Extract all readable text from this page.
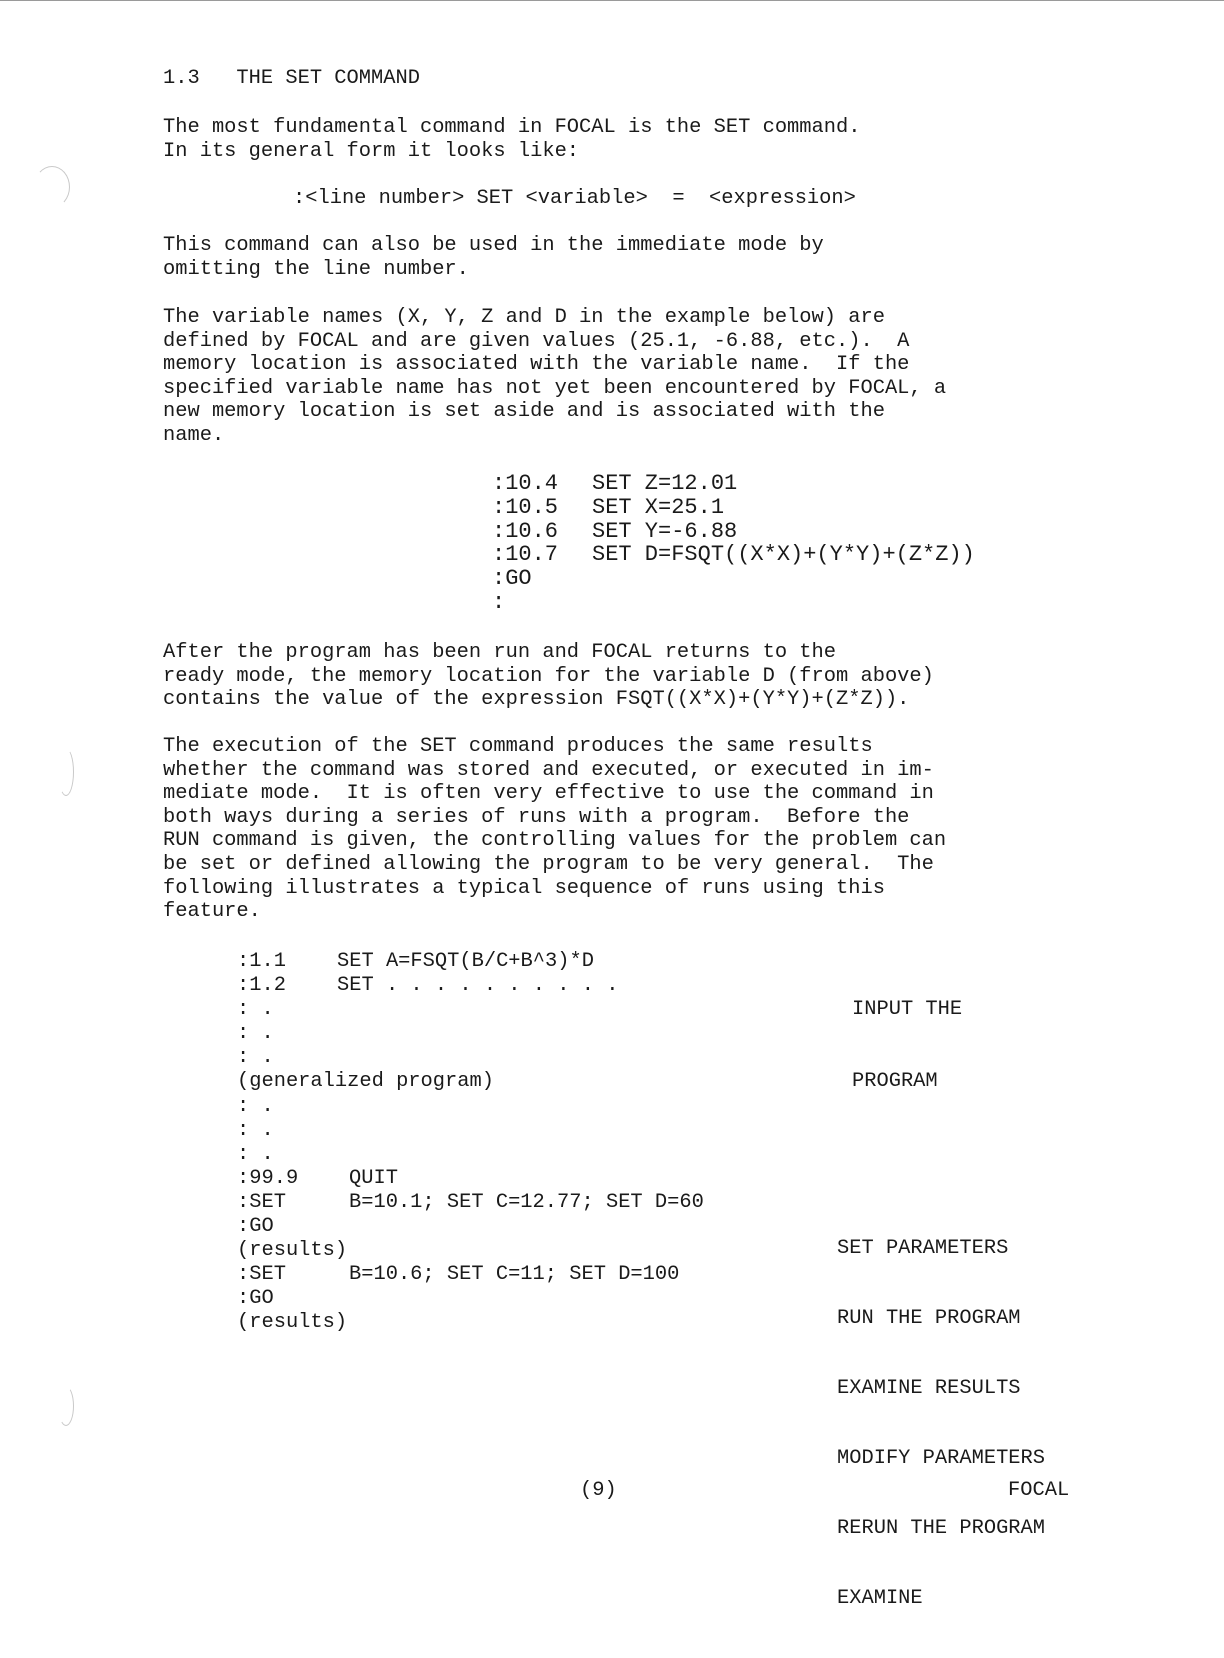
1.3   THE SET COMMAND

The most fundamental command in FOCAL is the SET command.
In its general form it looks like:

:<line number> SET <variable>  =  <expression>

This command can also be used in the immediate mode by
omitting the line number.

The variable names (X, Y, Z and D in the example below) are
defined by FOCAL and are given values (25.1, -6.88, etc.).  A
memory location is associated with the variable name.  If the
specified variable name has not yet been encountered by FOCAL, a
new memory location is set aside and is associated with the
name.

:10.4 SET Z=12.01
:10.5 SET X=25.1
:10.6 SET Y=-6.88
:10.7 SET D=FSQT((X*X)+(Y*Y)+(Z*Z))
:GO
:

After the program has been run and FOCAL returns to the
ready mode, the memory location for the variable D (from above)
contains the value of the expression FSQT((X*X)+(Y*Y)+(Z*Z)).

The execution of the SET command produces the same results
whether the command was stored and executed, or executed in im-
mediate mode.  It is often very effective to use the command in
both ways during a series of runs with a program.  Before the
RUN command is given, the controlling values for the problem can
be set or defined allowing the program to be very general.  The
following illustrates a typical sequence of runs using this
feature.

:1.1	SET A=FSQT(B/C+B^3)*D
:1.2	SET . . . . . . . . . .
: .
: .
: .
(generalized program)
: .
: .
: .
:99.9 QUIT
:SET	B=10.1; SET C=12.77; SET D=60
:GO
(results)
:SET	B=10.6; SET C=11; SET D=100
:GO
(results)

INPUT THE

PROGRAM

SET PARAMETERS

RUN THE PROGRAM

EXAMINE RESULTS

MODIFY PARAMETERS

RERUN THE PROGRAM

EXAMINE

(9)	FOCAL
